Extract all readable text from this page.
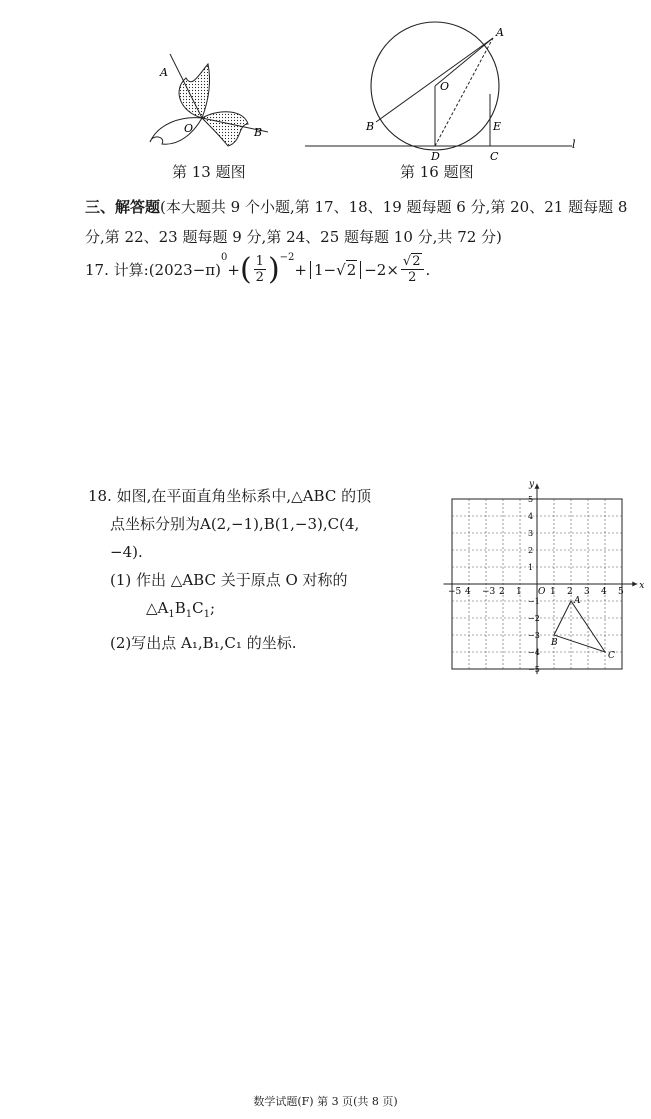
A
O	B
第 13 题图
A
O
B	E
D	C
l
第 16 题图
三、解答题(本大题共 9 个小题,第 17、18、19 题每题 6 分,第 20、21 题每题 8 分,第 22、23 题每题 9 分,第 24、25 题每题 10 分,共 72 分)
17. 计算: (2023−π)
0
+ ( $\frac{1}{2}$ ) −2
+ 1− √ $2 -2\times \frac{√2}{2}$ .
18. 如图,在平面直角坐标系中,△ABC 的顶
点坐标分别为A(2,−1),B(1,−3),C(4,
−4).
(1) 作出 △ABC 关于原点 O 对称的
$\triangle A_1B_1C_1$;
(2)写出点 A₁,B₁,C₁ 的坐标.
x
y
−5 4 −3 2 1 O 1 2 3 4 5
5
4
3
2
1
−1
−2
−3
−4
−5
A
B
C
数学试题(F) 第 3 页(共 8 页)
